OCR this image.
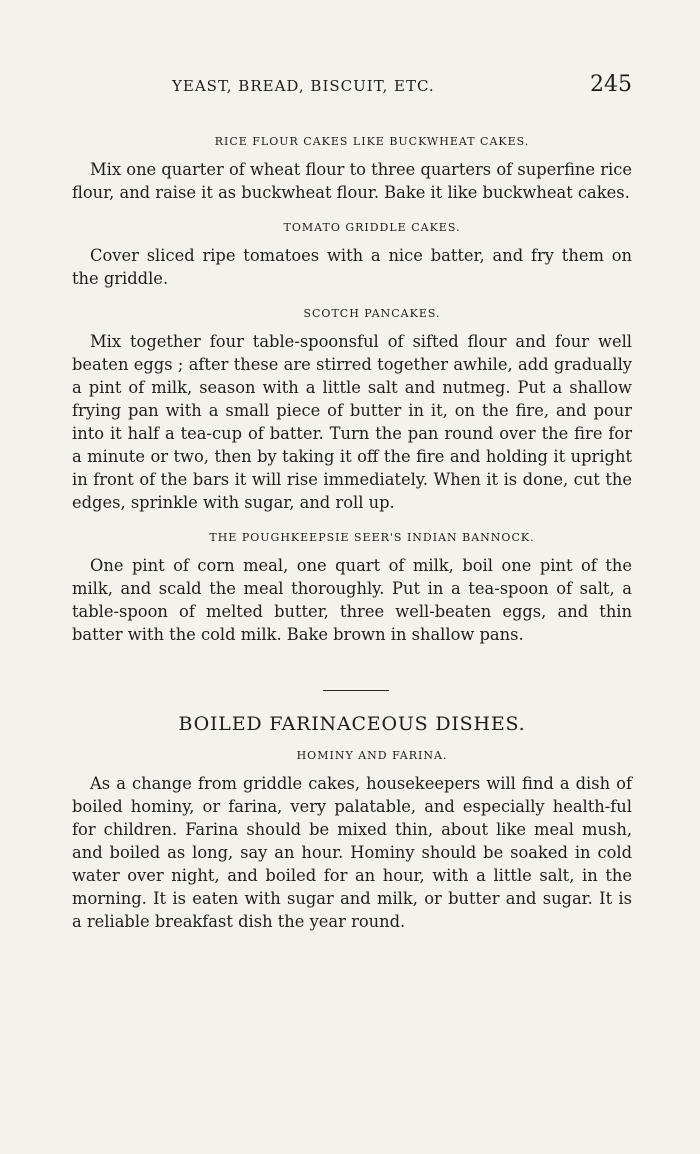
YEAST, BREAD, BISCUIT, ETC.	245
RICE FLOUR CAKES LIKE BUCKWHEAT CAKES.

Mix one quarter of wheat flour to three quarters of superfine rice flour, and raise it as buckwheat flour. Bake it like buckwheat cakes.

TOMATO GRIDDLE CAKES.

Cover sliced ripe tomatoes with a nice batter, and fry them on the griddle.

SCOTCH PANCAKES.

Mix together four table-spoonsful of sifted flour and four well beaten eggs ; after these are stirred together awhile, add gradually a pint of milk, season with a little salt and nutmeg. Put a shallow frying pan with a small piece of butter in it, on the fire, and pour into it half a tea-cup of batter. Turn the pan round over the fire for a minute or two, then by taking it off the fire and holding it upright in front of the bars it will rise immediately. When it is done, cut the edges, sprinkle with sugar, and roll up.

THE POUGHKEEPSIE SEER'S INDIAN BANNOCK.

One pint of corn meal, one quart of milk, boil one pint of the milk, and scald the meal thoroughly. Put in a tea-spoon of salt, a table-spoon of melted butter, three well-beaten eggs, and thin batter with the cold milk. Bake brown in shallow pans.

BOILED FARINACEOUS DISHES.
HOMINY AND FARINA.

As a change from griddle cakes, housekeepers will find a dish of boiled hominy, or farina, very palatable, and especially health-ful for children. Farina should be mixed thin, about like meal mush, and boiled as long, say an hour. Hominy should be soaked in cold water over night, and boiled for an hour, with a little salt, in the morning. It is eaten with sugar and milk, or butter and sugar. It is a reliable breakfast dish the year round.
